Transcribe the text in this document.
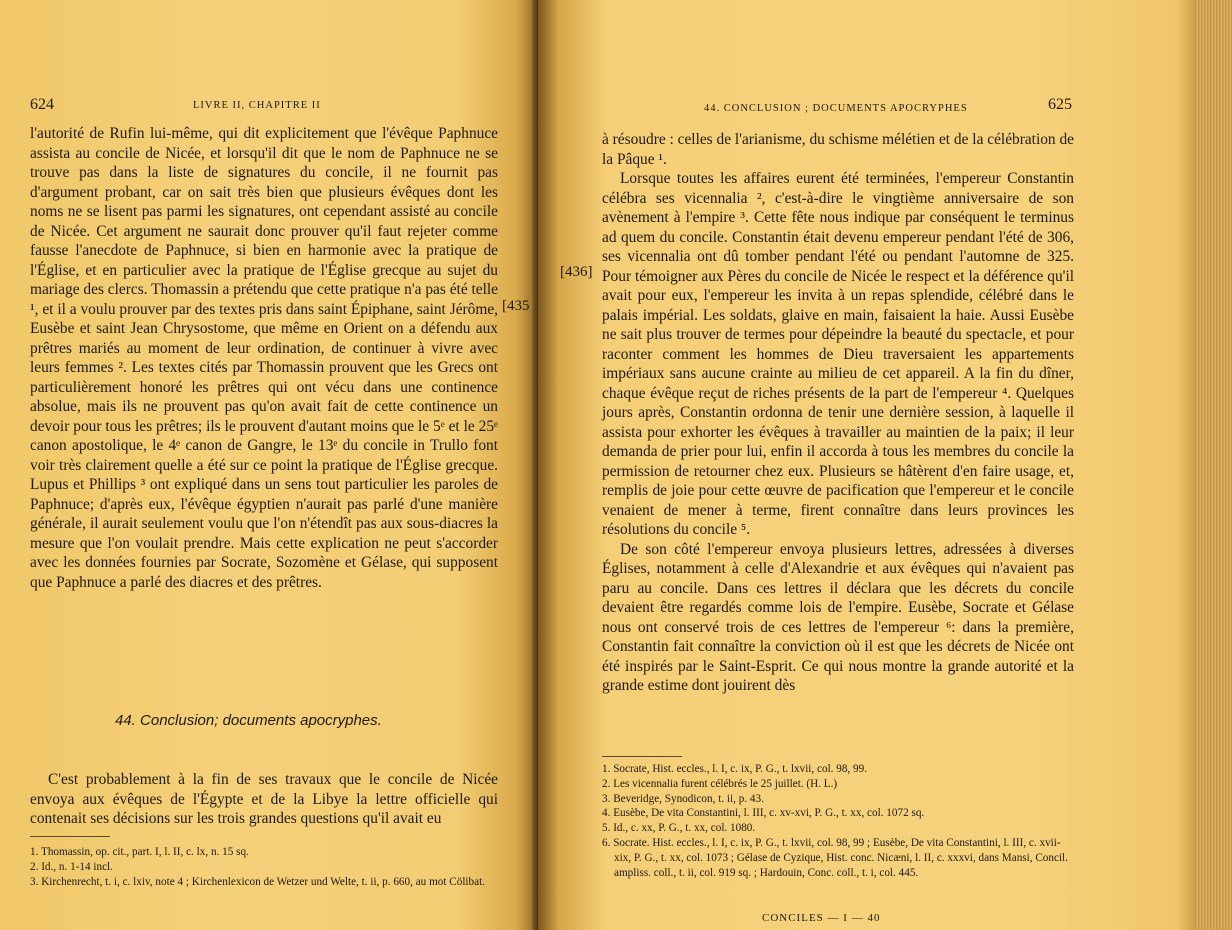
624	LIVRE II, CHAPITRE II

l'autorité de Rufin lui-même, qui dit explicitement que l'évêque Paphnuce assista au concile de Nicée, et lorsqu'il dit que le nom de Paphnuce ne se trouve pas dans la liste de signatures du concile, il ne fournit pas d'argument probant, car on sait très bien que plusieurs évêques dont les noms ne se lisent pas parmi les signatures, ont cependant assisté au concile de Nicée. Cet argument ne saurait donc prouver qu'il faut rejeter comme fausse l'anecdote de Paphnuce, si bien en harmonie avec la pratique de l'Église, et en particulier avec la pratique de l'Église grecque au sujet du mariage des clercs. Thomassin a prétendu que cette pratique n'a pas été telle ¹, et il a voulu prouver par des textes pris dans saint Épiphane, saint Jérôme, Eusèbe et saint Jean Chrysostome, que même en Orient on a défendu aux prêtres mariés au moment de leur ordination, de continuer à vivre avec leurs femmes ². Les textes cités par Thomassin prouvent que les Grecs ont particulièrement honoré les prêtres qui ont vécu dans une continence absolue, mais ils ne prouvent pas qu'on avait fait de cette continence un devoir pour tous les prêtres; ils le prouvent d'autant moins que le 5ᵉ et le 25ᵉ canon apostolique, le 4ᵉ canon de Gangre, le 13ᵉ du concile in Trullo font voir très clairement quelle a été sur ce point la pratique de l'Église grecque. Lupus et Phillips ³ ont expliqué dans un sens tout particulier les paroles de Paphnuce; d'après eux, l'évêque égyptien n'aurait pas parlé d'une manière générale, il aurait seulement voulu que l'on n'étendît pas aux sous-diacres la mesure que l'on voulait prendre. Mais cette explication ne peut s'accorder avec les données fournies par Socrate, Sozomène et Gélase, qui supposent que Paphnuce a parlé des diacres et des prêtres.

44. Conclusion; documents apocryphes.

C'est probablement à la fin de ses travaux que le concile de Nicée envoya aux évêques de l'Égypte et de la Libye la lettre officielle qui contenait ses décisions sur les trois grandes questions qu'il avait eu

1. Thomassin, op. cit., part. I, l. II, c. lx, n. 15 sq.
2. Id., n. 1-14 incl.
3. Kirchenrecht, t. i, c. lxiv, note 4 ; Kirchenlexicon de Wetzer und Welte, t. ii, p. 660, au mot Cölibat.
[435
44. CONCLUSION ; DOCUMENTS APOCRYPHES	625
[436]

à résoudre : celles de l'arianisme, du schisme mélétien et de la célébration de la Pâque ¹.

Lorsque toutes les affaires eurent été terminées, l'empereur Constantin célébra ses vicennalia ², c'est-à-dire le vingtième anniversaire de son avènement à l'empire ³. Cette fête nous indique par conséquent le terminus ad quem du concile. Constantin était devenu empereur pendant l'été de 306, ses vicennalia ont dû tomber pendant l'été ou pendant l'automne de 325. Pour témoigner aux Pères du concile de Nicée le respect et la déférence qu'il avait pour eux, l'empereur les invita à un repas splendide, célébré dans le palais impérial. Les soldats, glaive en main, faisaient la haie. Aussi Eusèbe ne sait plus trouver de termes pour dépeindre la beauté du spectacle, et pour raconter comment les hommes de Dieu traversaient les appartements impériaux sans aucune crainte au milieu de cet appareil. A la fin du dîner, chaque évêque reçut de riches présents de la part de l'empereur ⁴. Quelques jours après, Constantin ordonna de tenir une dernière session, à laquelle il assista pour exhorter les évêques à travailler au maintien de la paix; il leur demanda de prier pour lui, enfin il accorda à tous les membres du concile la permission de retourner chez eux. Plusieurs se hâtèrent d'en faire usage, et, remplis de joie pour cette œuvre de pacification que l'empereur et le concile venaient de mener à terme, firent connaître dans leurs provinces les résolutions du concile ⁵.

De son côté l'empereur envoya plusieurs lettres, adressées à diverses Églises, notamment à celle d'Alexandrie et aux évêques qui n'avaient pas paru au concile. Dans ces lettres il déclara que les décrets du concile devaient être regardés comme lois de l'empire. Eusèbe, Socrate et Gélase nous ont conservé trois de ces lettres de l'empereur ⁶: dans la première, Constantin fait connaître la conviction où il est que les décrets de Nicée ont été inspirés par le Saint-Esprit. Ce qui nous montre la grande autorité et la grande estime dont jouirent dès

1. Socrate, Hist. eccles., l. I, c. ix, P. G., t. lxvii, col. 98, 99.
2. Les vicennalia furent célébrés le 25 juillet. (H. L.)
3. Beveridge, Synodicon, t. ii, p. 43.
4. Eusèbe, De vita Constantini, l. III, c. xv-xvi, P. G., t. xx, col. 1072 sq.
5. Id., c. xx, P. G., t. xx, col. 1080.
6. Socrate. Hist. eccles., l. I, c. ix, P. G., t. lxvii, col. 98, 99 ; Eusèbe, De vita Constantini, l. III, c. xvii-xix, P. G., t. xx, col. 1073 ; Gélase de Cyzique, Hist. conc. Nicæni, l. II, c. xxxvi, dans Mansi, Concil. ampliss. coll., t. ii, col. 919 sq. ; Hardouin, Conc. coll., t. i, col. 445.
CONCILES — I — 40
